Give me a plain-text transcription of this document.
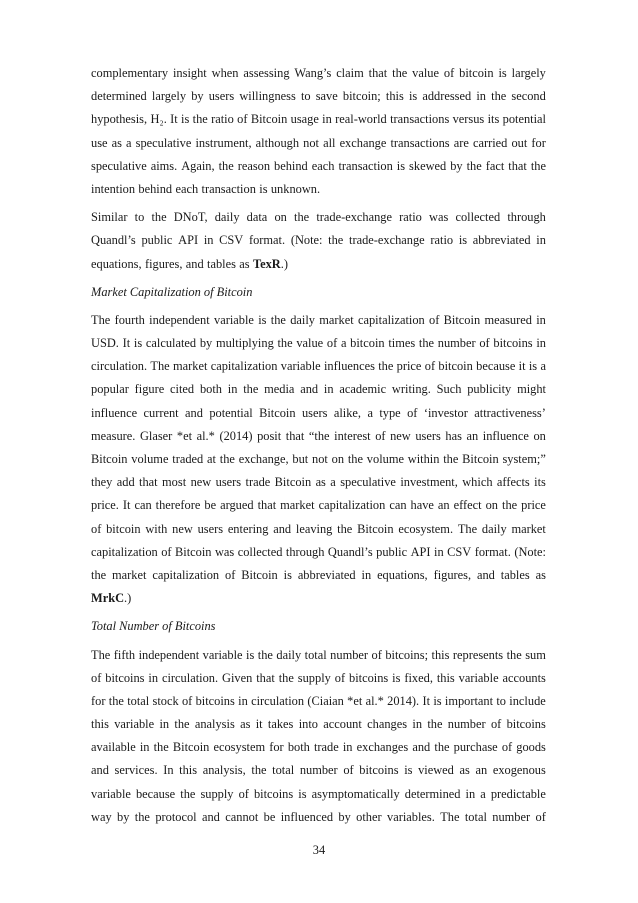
complementary insight when assessing Wang’s claim that the value of bitcoin is largely
determined largely by users willingness to save bitcoin; this is addressed in the second
hypothesis, H₂. It is the ratio of Bitcoin usage in real-world transactions versus its potential
use as a speculative instrument, although not all exchange transactions are carried out for
speculative aims. Again, the reason behind each transaction is skewed by the fact that the
intention behind each transaction is unknown.
Similar to the DNoT, daily data on the trade-exchange ratio was collected through
Quandl’s public API in CSV format. (Note: the trade-exchange ratio is abbreviated in
equations, figures, and tables as TexR.)
Market Capitalization of Bitcoin
The fourth independent variable is the daily market capitalization of Bitcoin measured in
USD. It is calculated by multiplying the value of a bitcoin times the number of bitcoins in
circulation. The market capitalization variable influences the price of bitcoin because it is a
popular figure cited both in the media and in academic writing. Such publicity might
influence current and potential Bitcoin users alike, a type of ‘investor attractiveness’
measure. Glaser *et al.* (2014) posit that “the interest of new users has an influence on
Bitcoin volume traded at the exchange, but not on the volume within the Bitcoin system;”
they add that most new users trade Bitcoin as a speculative investment, which affects its
price. It can therefore be argued that market capitalization can have an effect on the price
of bitcoin with new users entering and leaving the Bitcoin ecosystem. The daily market
capitalization of Bitcoin was collected through Quandl’s public API in CSV format. (Note:
the market capitalization of Bitcoin is abbreviated in equations, figures, and tables as
MrkC.)
Total Number of Bitcoins
The fifth independent variable is the daily total number of bitcoins; this represents the sum
of bitcoins in circulation. Given that the supply of bitcoins is fixed, this variable accounts
for the total stock of bitcoins in circulation (Ciaian *et al.* 2014). It is important to include
this variable in the analysis as it takes into account changes in the number of bitcoins
available in the Bitcoin ecosystem for both trade in exchanges and the purchase of goods
and services. In this analysis, the total number of bitcoins is viewed as an exogenous
variable because the supply of bitcoins is asymptomatically determined in a predictable
way by the protocol and cannot be influenced by other variables. The total number of
34
